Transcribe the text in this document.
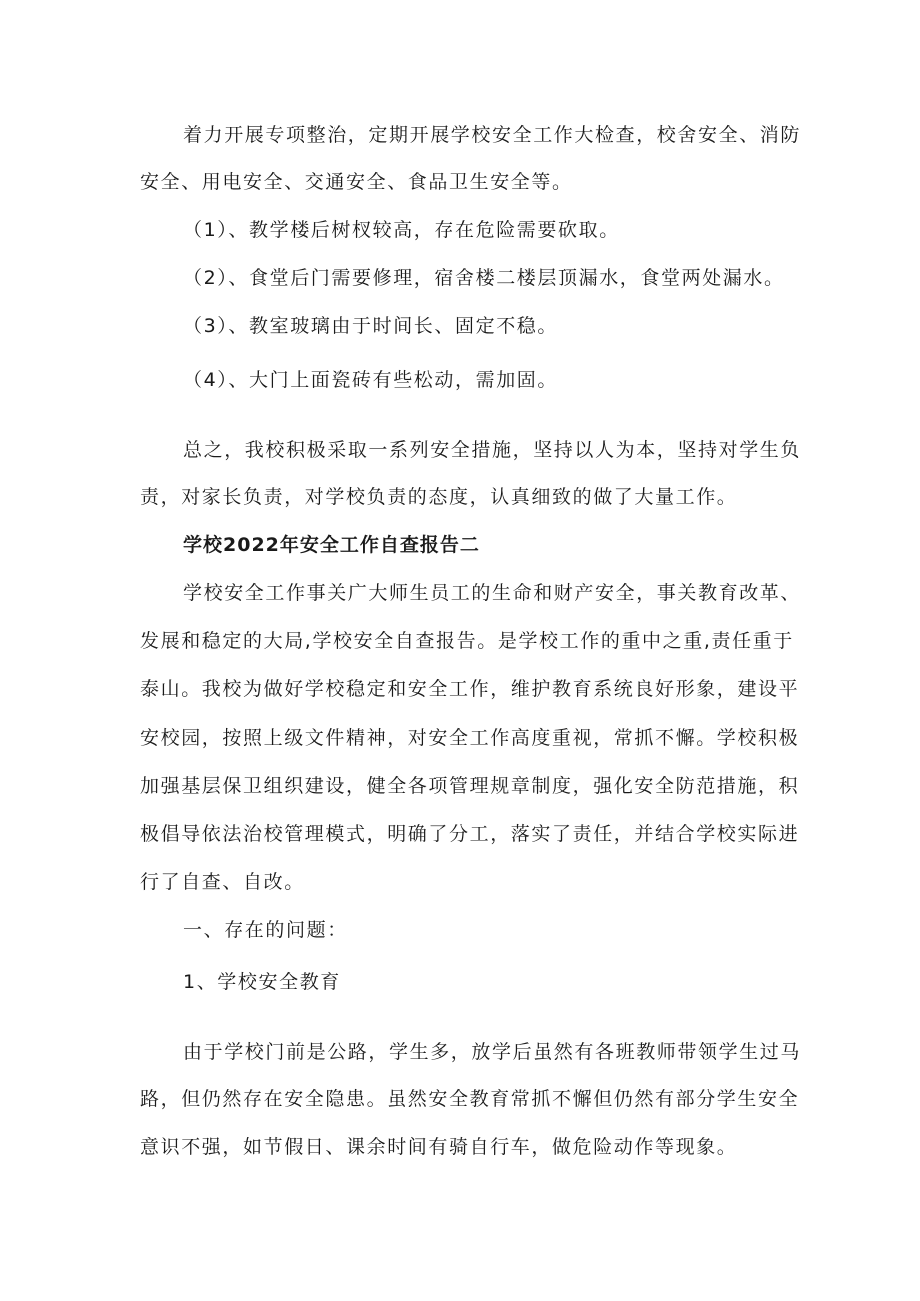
着力开展专项整治，定期开展学校安全工作大检查，校舍安全、消防
安全、用电安全、交通安全、食品卫生安全等。
（1）、教学楼后树杈较高，存在危险需要砍取。
（2）、食堂后门需要修理，宿舍楼二楼层顶漏水，食堂两处漏水。
（3）、教室玻璃由于时间长、固定不稳。
（4）、大门上面瓷砖有些松动，需加固。
总之，我校积极采取一系列安全措施，坚持以人为本，坚持对学生负
责，对家长负责，对学校负责的态度，认真细致的做了大量工作。
学校2022年安全工作自查报告二
学校安全工作事关广大师生员工的生命和财产安全，事关教育改革、
发展和稳定的大局,学校安全自查报告。是学校工作的重中之重,责任重于
泰山。我校为做好学校稳定和安全工作，维护教育系统良好形象，建设平
安校园，按照上级文件精神，对安全工作高度重视，常抓不懈。学校积极
加强基层保卫组织建设，健全各项管理规章制度，强化安全防范措施，积
极倡导依法治校管理模式，明确了分工，落实了责任，并结合学校实际进
行了自查、自改。
一、存在的问题：
1、学校安全教育
由于学校门前是公路，学生多，放学后虽然有各班教师带领学生过马
路，但仍然存在安全隐患。虽然安全教育常抓不懈但仍然有部分学生安全
意识不强，如节假日、课余时间有骑自行车，做危险动作等现象。
